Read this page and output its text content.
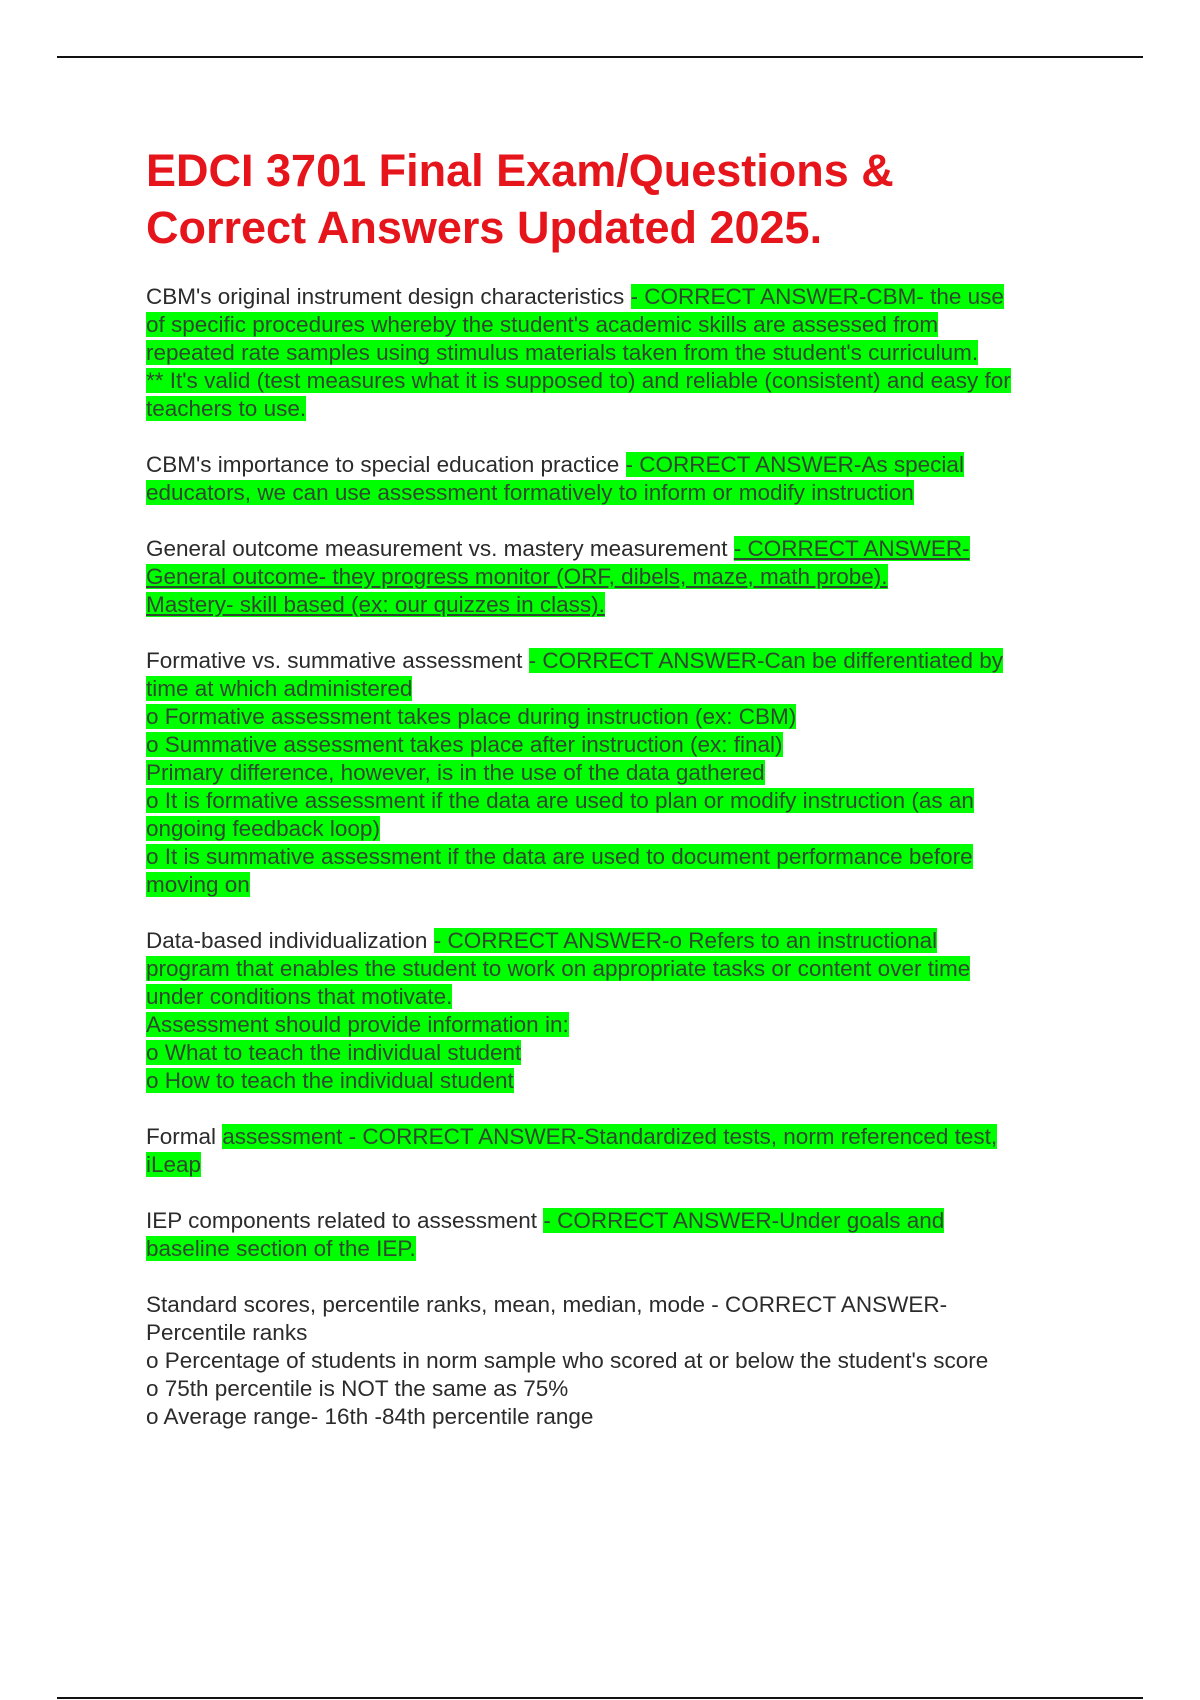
EDCI 3701 Final Exam/Questions & Correct Answers Updated 2025.

CBM's original instrument design characteristics - CORRECT ANSWER-CBM- the use
of specific procedures whereby the student's academic skills are assessed from
repeated rate samples using stimulus materials taken from the student's curriculum.
** It's valid (test measures what it is supposed to) and reliable (consistent) and easy for
teachers to use.

CBM's importance to special education practice - CORRECT ANSWER-As special
educators, we can use assessment formatively to inform or modify instruction

General outcome measurement vs. mastery measurement - CORRECT ANSWER-
General outcome- they progress monitor (ORF, dibels, maze, math probe).
Mastery- skill based (ex: our quizzes in class).

Formative vs. summative assessment - CORRECT ANSWER-Can be differentiated by
time at which administered
o Formative assessment takes place during instruction (ex: CBM)
o Summative assessment takes place after instruction (ex: final)
Primary difference, however, is in the use of the data gathered
o It is formative assessment if the data are used to plan or modify instruction (as an
ongoing feedback loop)
o It is summative assessment if the data are used to document performance before
moving on

Data-based individualization - CORRECT ANSWER-o Refers to an instructional
program that enables the student to work on appropriate tasks or content over time
under conditions that motivate.
Assessment should provide information in:
o What to teach the individual student
o How to teach the individual student

Formal assessment - CORRECT ANSWER-Standardized tests, norm referenced test,
iLeap

IEP components related to assessment - CORRECT ANSWER-Under goals and
baseline section of the IEP.

Standard scores, percentile ranks, mean, median, mode - CORRECT ANSWER-
Percentile ranks
o Percentage of students in norm sample who scored at or below the student's score
o 75th percentile is NOT the same as 75%
o Average range- 16th -84th percentile range
